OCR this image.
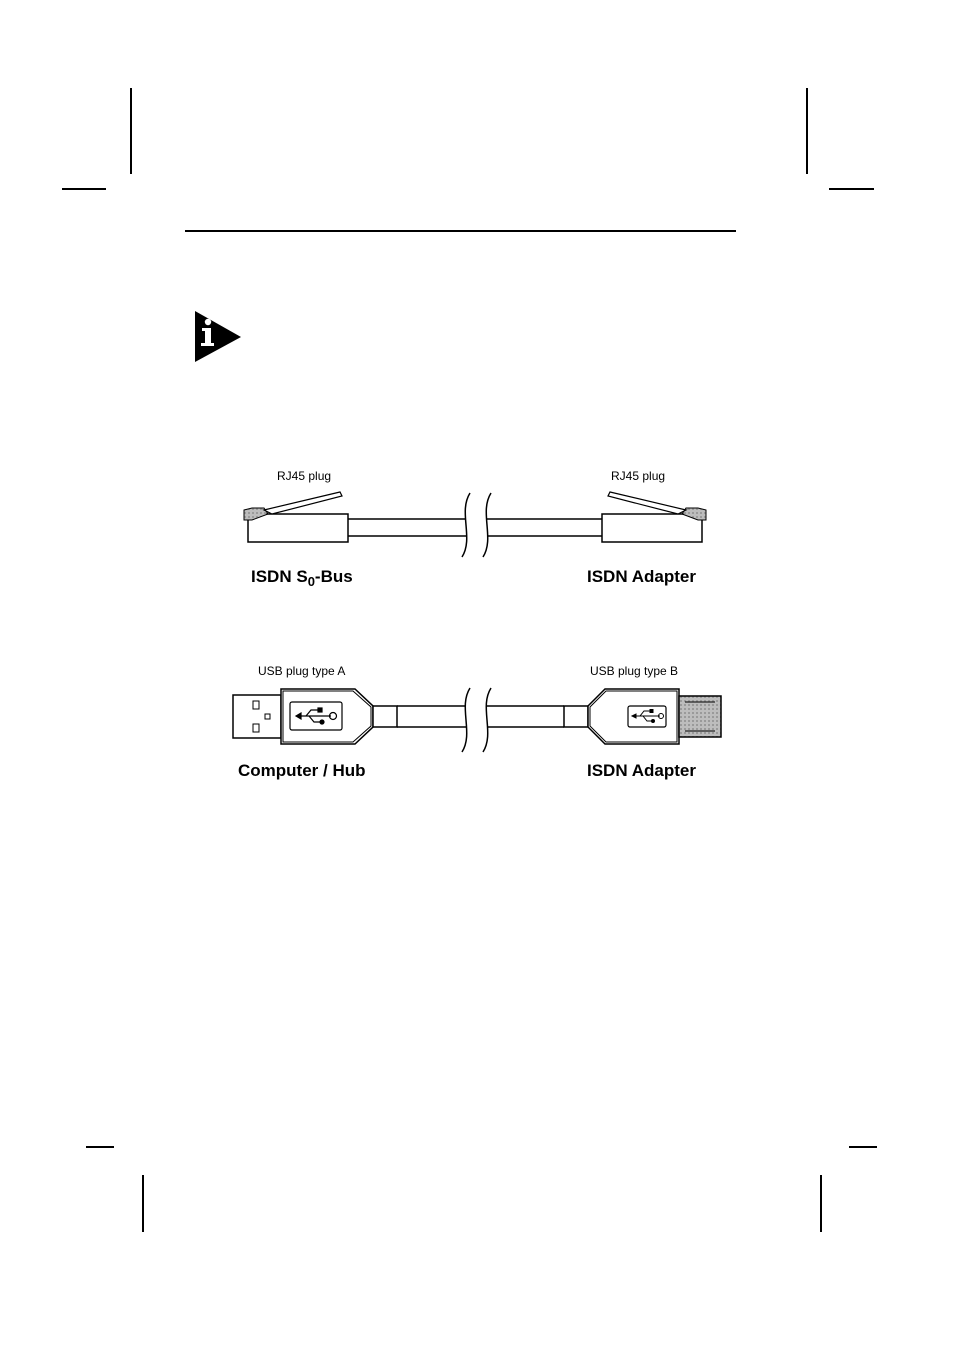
RJ45 plug	RJ45 plug
ISDN $S_0$-Bus	ISDN Adapter
USB plug type A	USB plug type B
Computer / Hub	ISDN Adapter
